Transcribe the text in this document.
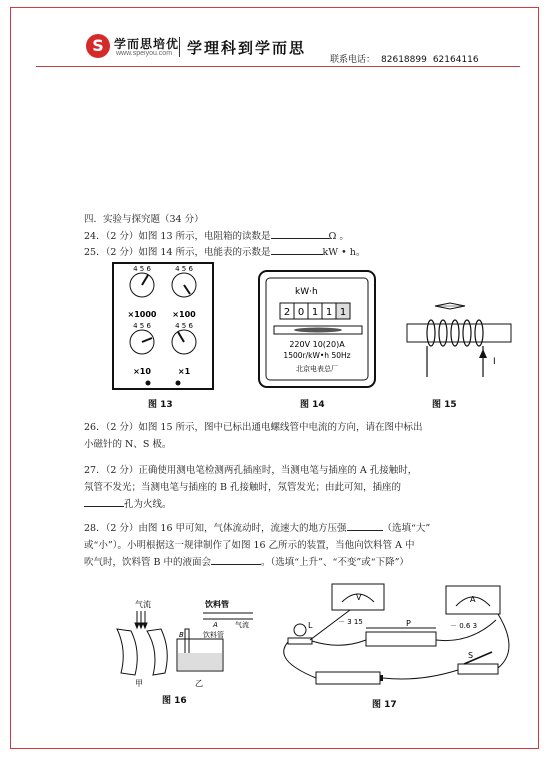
S 学而思培优
www.speiyou.com 学理科到学而思
联系电话： 82618899 62164116
四．实验与探究题（34 分）
24．（2 分）如图 13 所示，电阻箱的读数是	Ω 。
25．（2 分）如图 14 所示，电能表的示数是	kW • h。
4 5 6	4 5 6
4 5 6	4 5 6
×1000 ×100
×10	×1
图 13
kW·h
2 0 1 1 1
220V 10(20)A
1500r/kW•h 50Hz
北京电表总厂
图 14
I
图 15
26．（2 分）如图 15 所示，图中已标出通电螺线管中电流的方向，请在图中标出
小磁针的 N、S 极。
27．（2 分）正确使用测电笔检测两孔插座时，当测电笔与插座的 A 孔接触时，
氖管不发光；当测电笔与插座的 B 孔接触时，氖管发光；由此可知，插座的
孔为火线。
28．（2 分）由图 16 甲可知，气体流动时，流速大的地方压强	（选填“大”
或“小”）。小明根据这一规律制作了如图 16 乙所示的装置，当他向饮料管 A 中
吹气时，饮料管 B 中的液面会	。（选填“上升”、“不变”或“下降”）
气流
甲
饮料管
A
B	饮料管
气流
乙
图 16
V
－ 3 15
A
－ 0.6 3
L	P
S
图 17
